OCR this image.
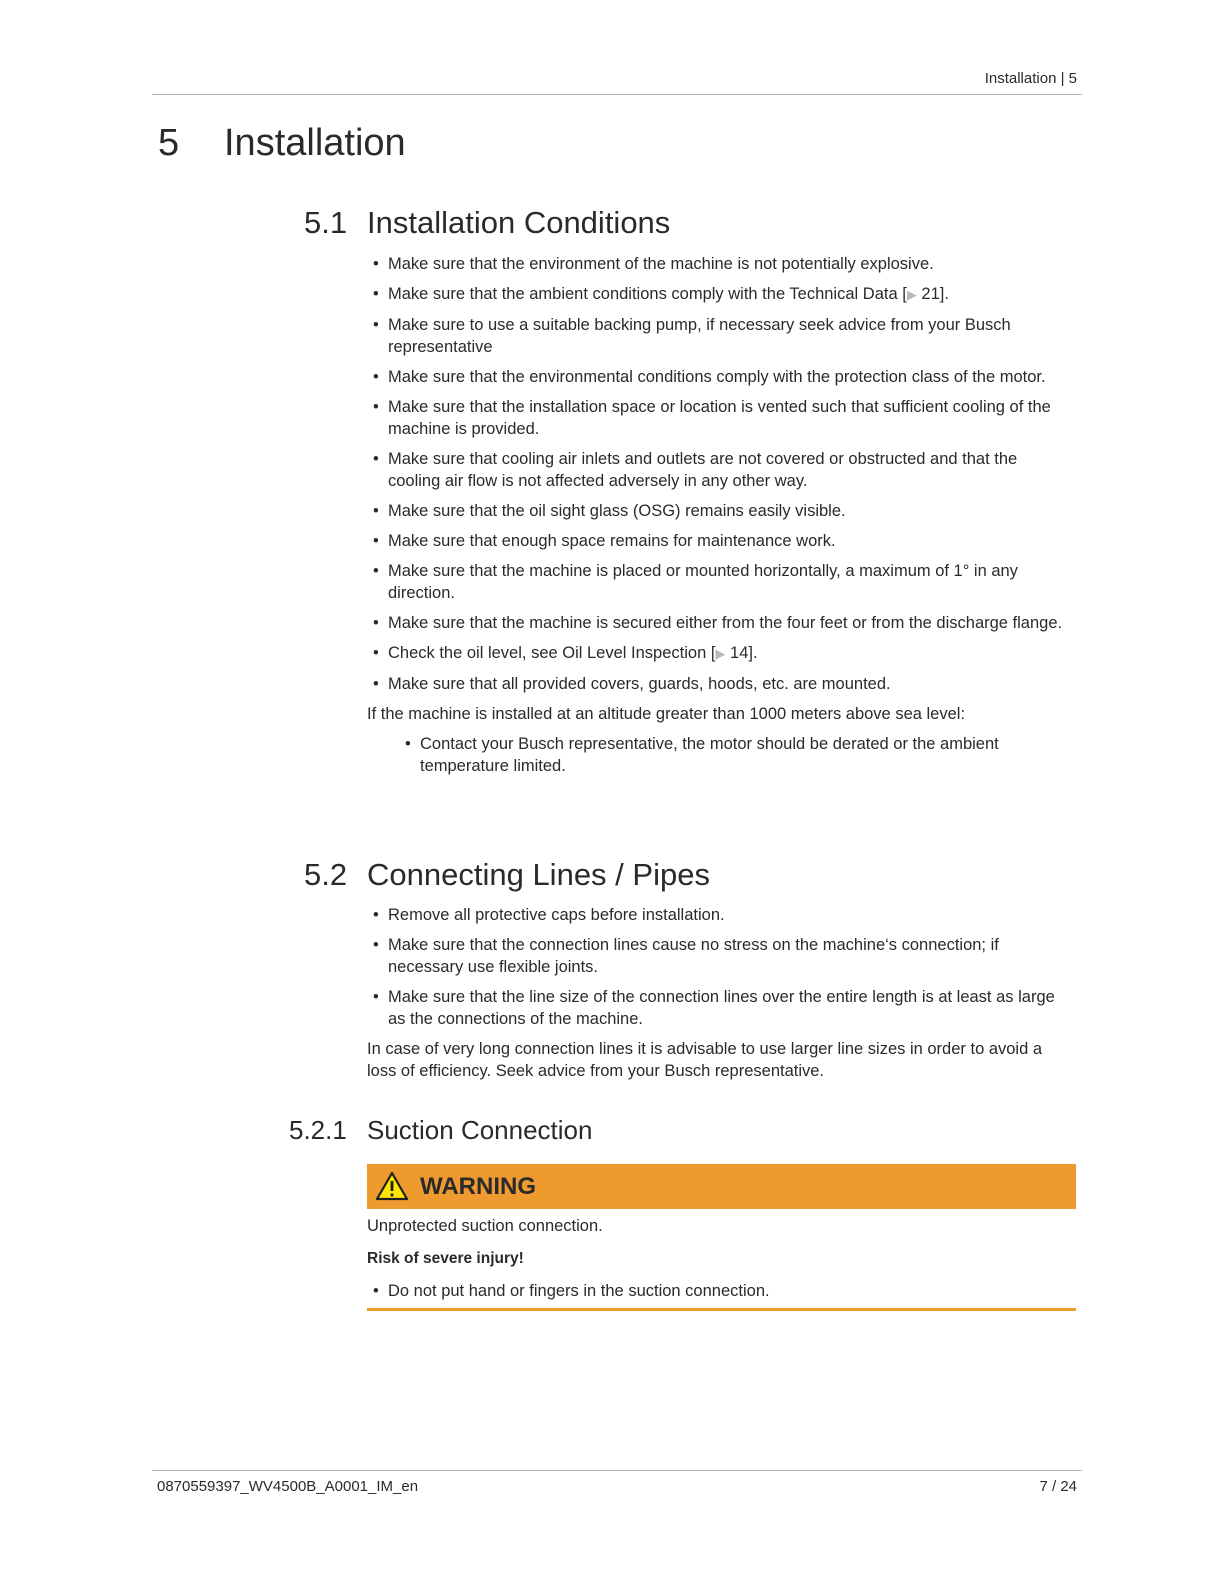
Installation | 5
5 Installation
5.1 Installation Conditions
• Make sure that the environment of the machine is not potentially explosive.
• Make sure that the ambient conditions comply with the Technical Data [▶ 21].
• Make sure to use a suitable backing pump, if necessary seek advice from your Busch representative
• Make sure that the environmental conditions comply with the protection class of the motor.
• Make sure that the installation space or location is vented such that sufficient cooling of the machine is provided.
• Make sure that cooling air inlets and outlets are not covered or obstructed and that the cooling air flow is not affected adversely in any other way.
• Make sure that the oil sight glass (OSG) remains easily visible.
• Make sure that enough space remains for maintenance work.
• Make sure that the machine is placed or mounted horizontally, a maximum of 1° in any direction.
• Make sure that the machine is secured either from the four feet or from the discharge flange.
• Check the oil level, see Oil Level Inspection [▶ 14].
• Make sure that all provided covers, guards, hoods, etc. are mounted.

If the machine is installed at an altitude greater than 1000 meters above sea level:

• Contact your Busch representative, the motor should be derated or the ambient temperature limited.
5.2 Connecting Lines / Pipes
• Remove all protective caps before installation.
• Make sure that the connection lines cause no stress on the machine‘s connection; if necessary use flexible joints.
• Make sure that the line size of the connection lines over the entire length is at least as large as the connections of the machine.

In case of very long connection lines it is advisable to use larger line sizes in order to avoid a loss of efficiency. Seek advice from your Busch representative.

5.2.1 Suction Connection
WARNING
Unprotected suction connection.
Risk of severe injury!
• Do not put hand or fingers in the suction connection.
0870559397_WV4500B_A0001_IM_en	7 / 24
